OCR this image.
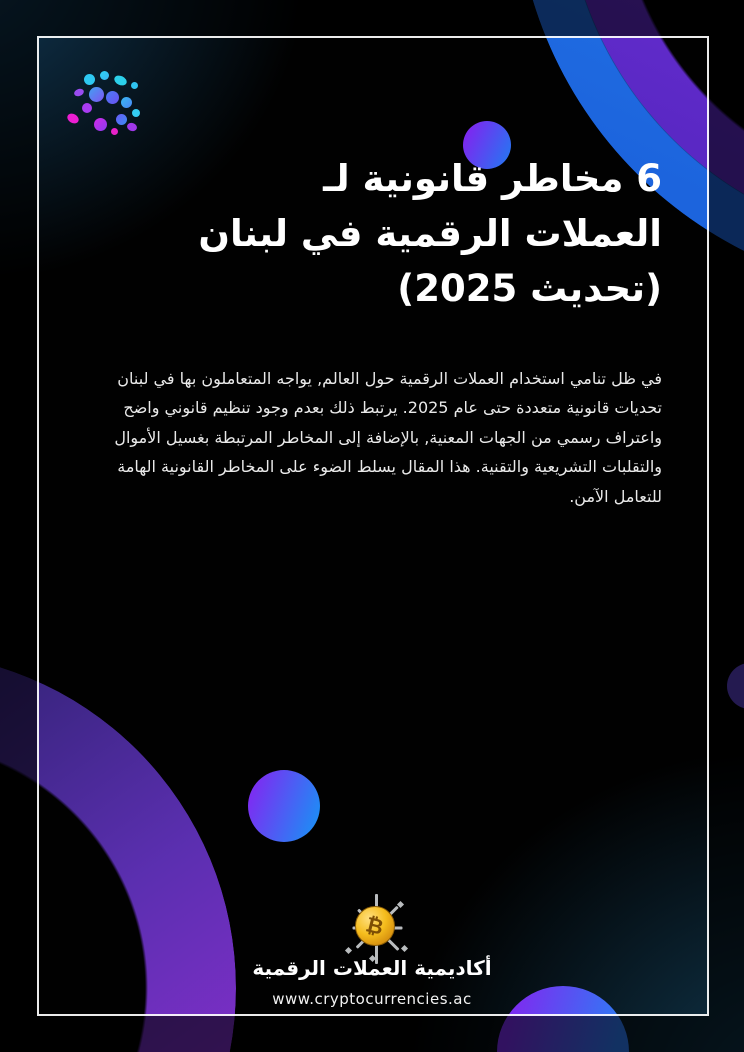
6 مخاطر قانونية لـ
العملات الرقمية في لبنان
(تحديث 2025)

في ظل تنامي استخدام العملات الرقمية حول العالم, يواجه المتعاملون بها في لبنان تحديات قانونية متعددة حتى عام 2025. يرتبط ذلك بعدم وجود تنظيم قانوني واضح واعتراف رسمي من الجهات المعنية, بالإضافة إلى المخاطر المرتبطة بغسيل الأموال والتقلبات التشريعية والتقنية. هذا المقال يسلط الضوء على المخاطر القانونية الهامة للتعامل الآمن.

₿
أكاديمية العملات الرقمية
www.cryptocurrencies.ac
